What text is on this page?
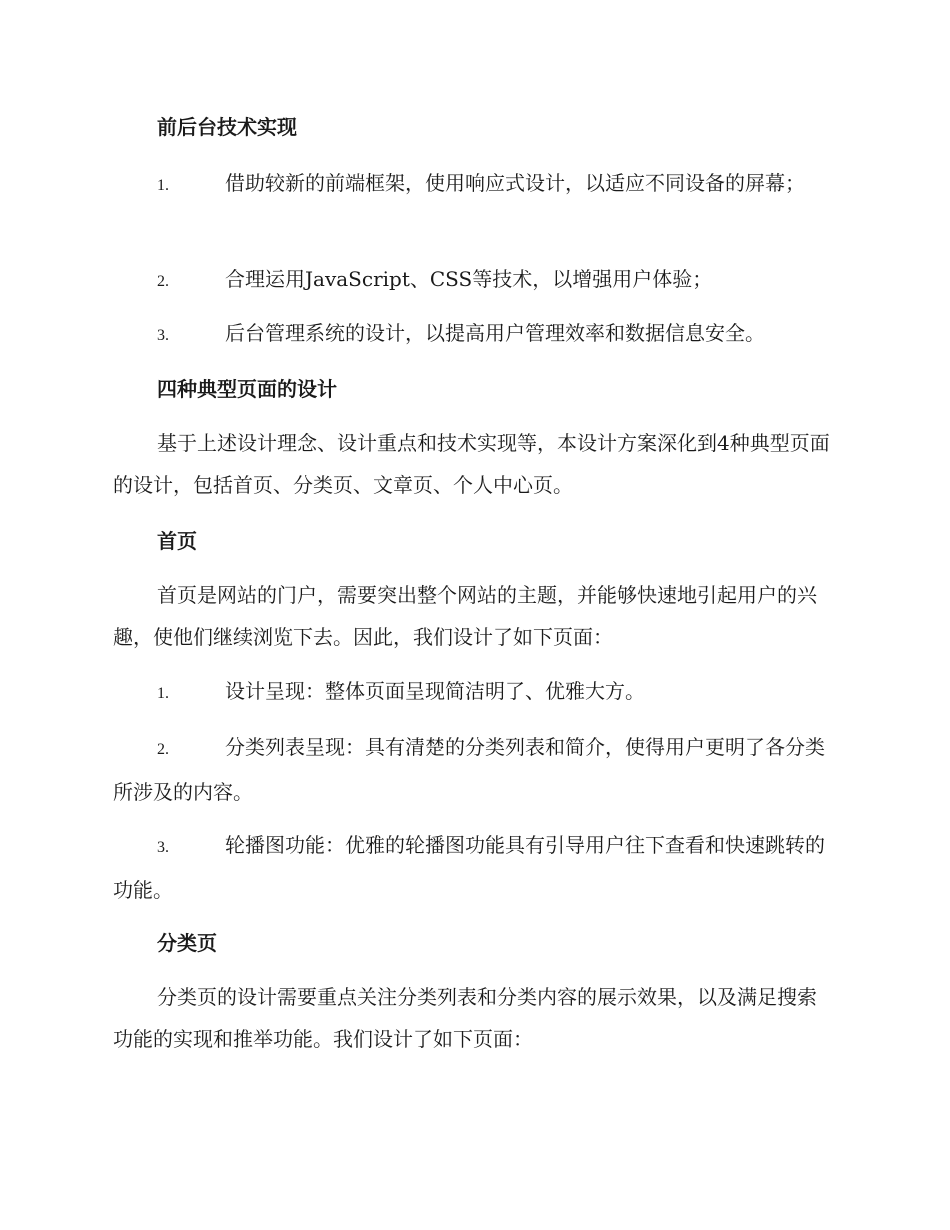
前后台技术实现

1.	借助较新的前端框架，使用响应式设计，以适应不同设备的屏幕；

2.	合理运用JavaScript、CSS等技术，以增强用户体验；

3.	后台管理系统的设计，以提高用户管理效率和数据信息安全。

四种典型页面的设计

基于上述设计理念、设计重点和技术实现等，本设计方案深化到4种典型页面的设计，包括首页、分类页、文章页、个人中心页。

首页

首页是网站的门户，需要突出整个网站的主题，并能够快速地引起用户的兴趣，使他们继续浏览下去。因此，我们设计了如下页面：

1.	设计呈现：整体页面呈现简洁明了、优雅大方。

2.	分类列表呈现：具有清楚的分类列表和简介，使得用户更明了各分类所涉及的内容。

3.	轮播图功能：优雅的轮播图功能具有引导用户往下查看和快速跳转的功能。

分类页

分类页的设计需要重点关注分类列表和分类内容的展示效果，以及满足搜索功能的实现和推举功能。我们设计了如下页面：
